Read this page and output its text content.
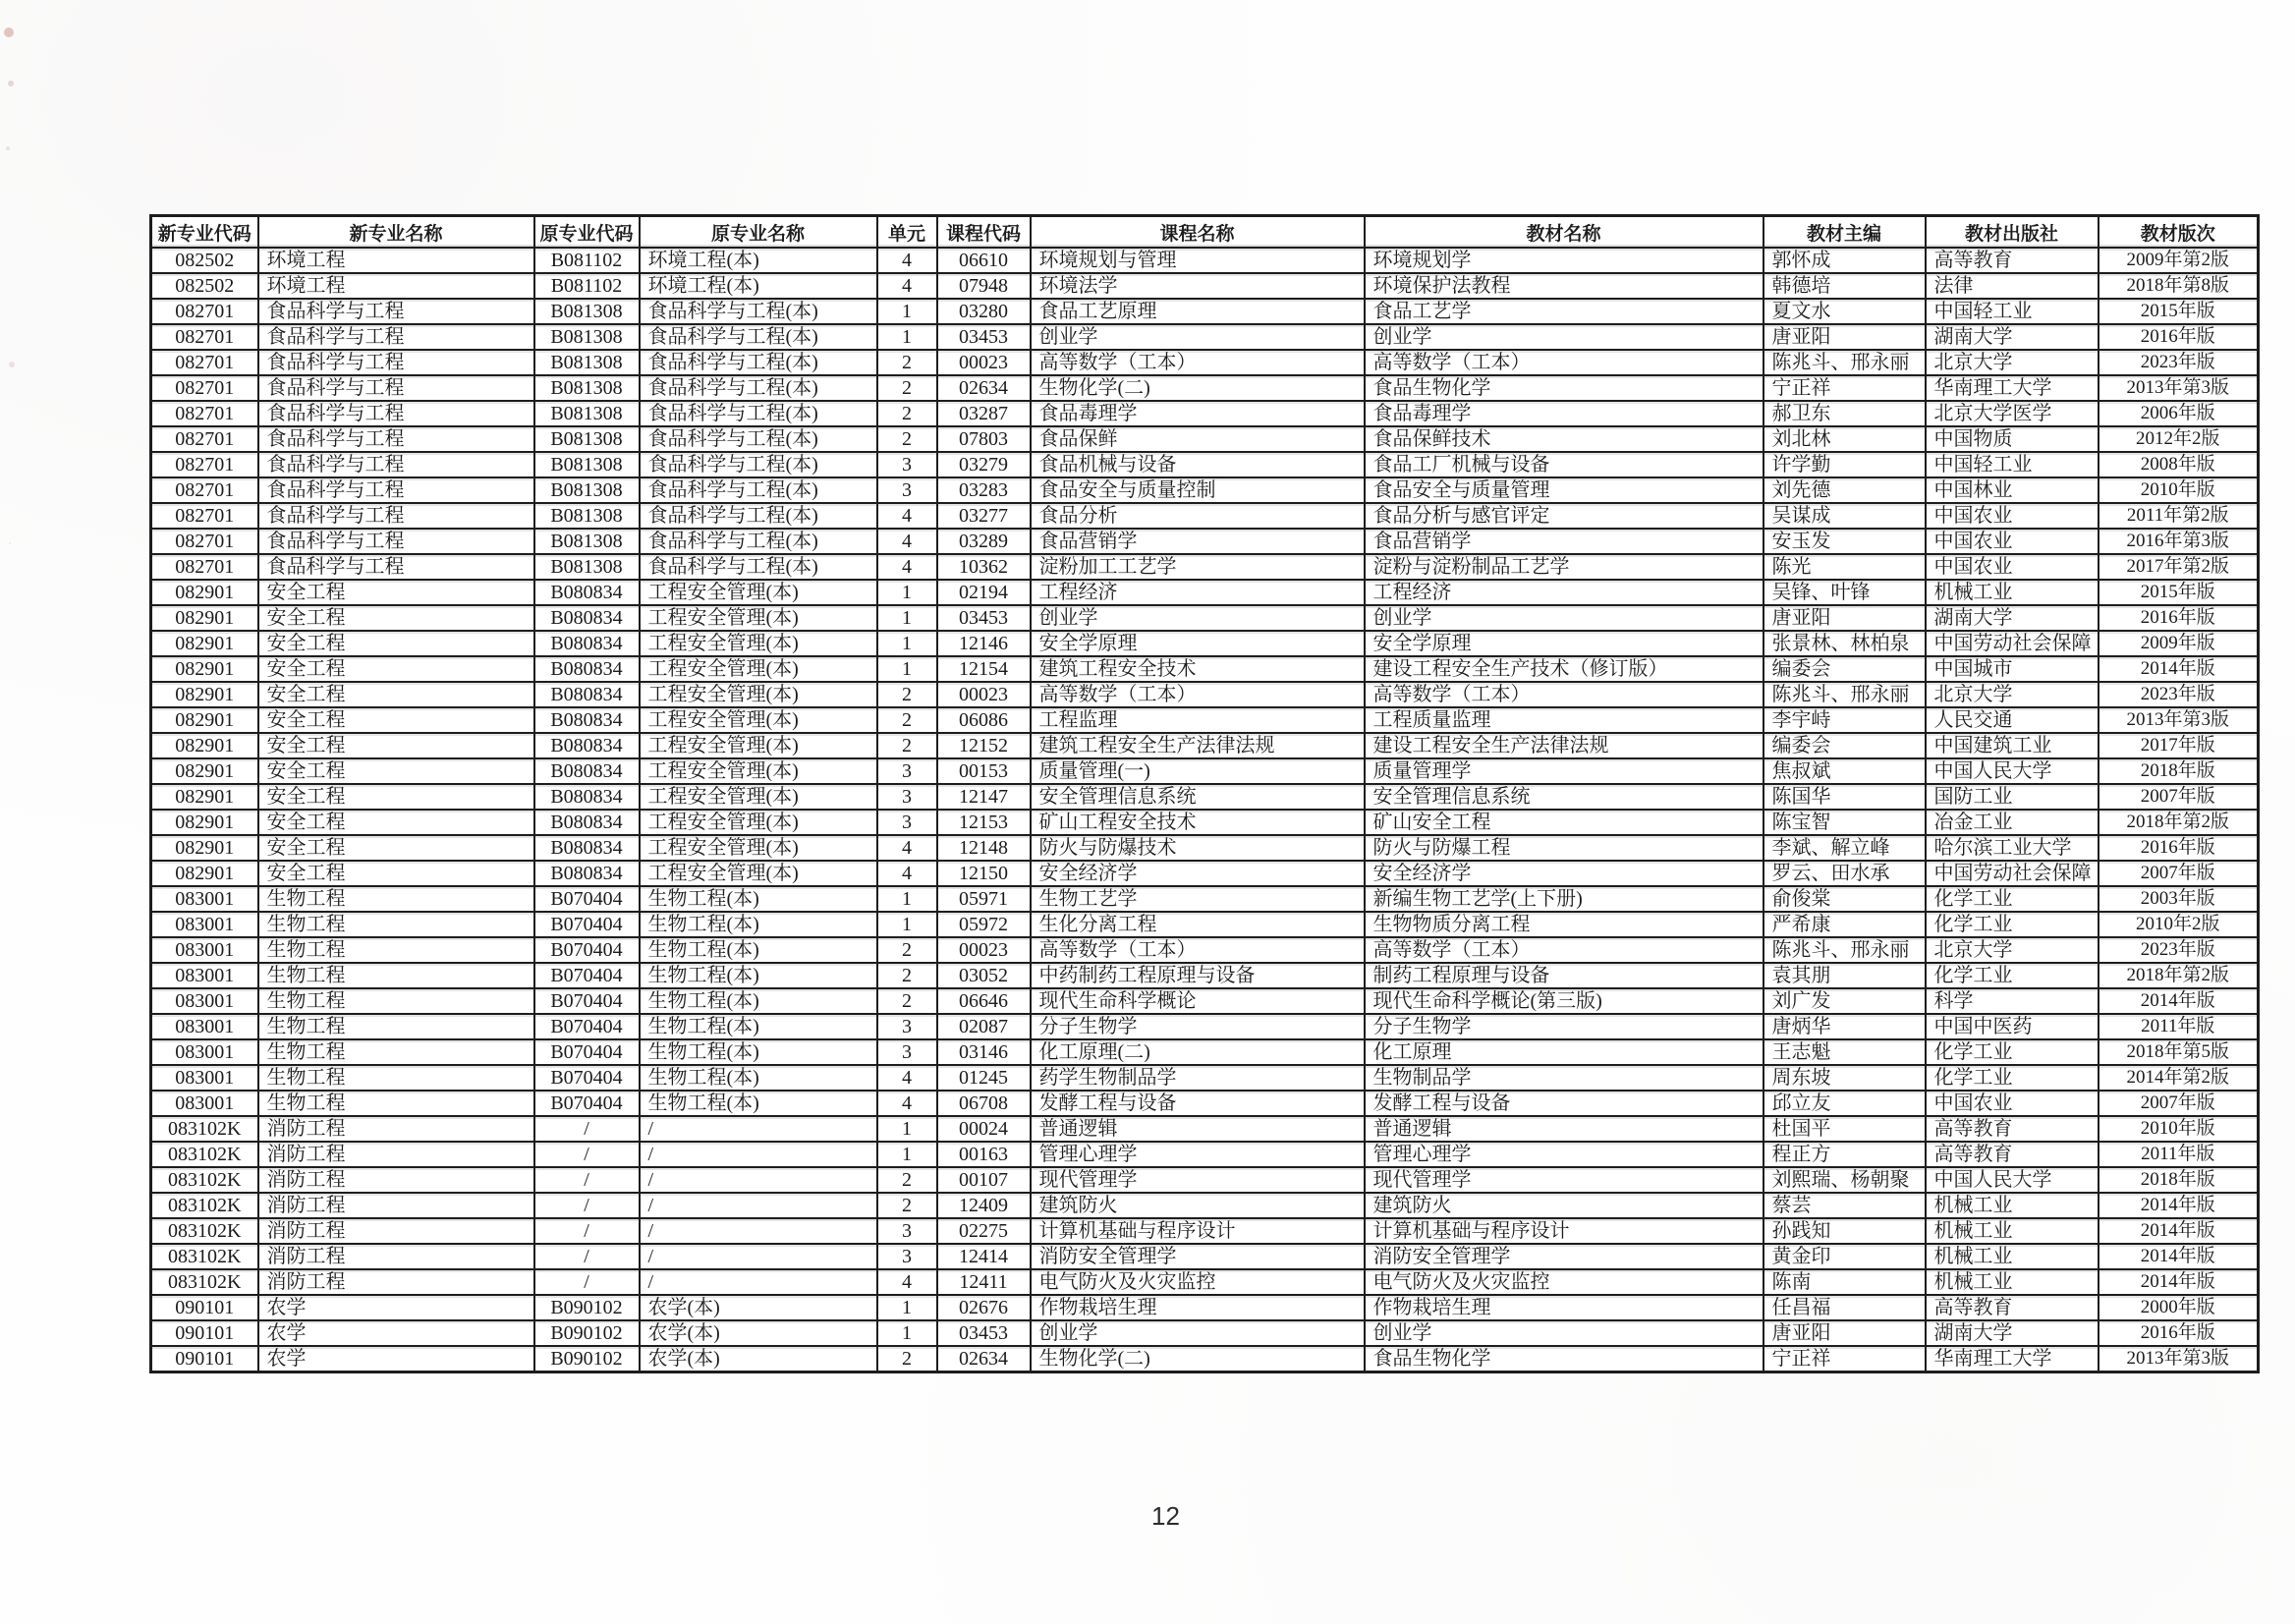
新专业代码	新专业名称	原专业代码	原专业名称	单元	课程代码	课程名称	教材名称	教材主编	教材出版社	教材版次
082502	环境工程	B081102	环境工程(本)	4	06610	环境规划与管理	环境规划学	郭怀成	高等教育	2009年第2版
082502	环境工程	B081102	环境工程(本)	4	07948	环境法学	环境保护法教程	韩德培	法律	2018年第8版
082701	食品科学与工程	B081308	食品科学与工程(本)	1	03280	食品工艺原理	食品工艺学	夏文水	中国轻工业	2015年版
082701	食品科学与工程	B081308	食品科学与工程(本)	1	03453	创业学	创业学	唐亚阳	湖南大学	2016年版
082701	食品科学与工程	B081308	食品科学与工程(本)	2	00023	高等数学（工本）	高等数学（工本）	陈兆斗、邢永丽	北京大学	2023年版
082701	食品科学与工程	B081308	食品科学与工程(本)	2	02634	生物化学(二)	食品生物化学	宁正祥	华南理工大学	2013年第3版
082701	食品科学与工程	B081308	食品科学与工程(本)	2	03287	食品毒理学	食品毒理学	郝卫东	北京大学医学	2006年版
082701	食品科学与工程	B081308	食品科学与工程(本)	2	07803	食品保鲜	食品保鲜技术	刘北林	中国物质	2012年2版
082701	食品科学与工程	B081308	食品科学与工程(本)	3	03279	食品机械与设备	食品工厂机械与设备	许学勤	中国轻工业	2008年版
082701	食品科学与工程	B081308	食品科学与工程(本)	3	03283	食品安全与质量控制	食品安全与质量管理	刘先德	中国林业	2010年版
082701	食品科学与工程	B081308	食品科学与工程(本)	4	03277	食品分析	食品分析与感官评定	吴谋成	中国农业	2011年第2版
082701	食品科学与工程	B081308	食品科学与工程(本)	4	03289	食品营销学	食品营销学	安玉发	中国农业	2016年第3版
082701	食品科学与工程	B081308	食品科学与工程(本)	4	10362	淀粉加工工艺学	淀粉与淀粉制品工艺学	陈光	中国农业	2017年第2版
082901	安全工程	B080834	工程安全管理(本)	1	02194	工程经济	工程经济	吴锋、叶锋	机械工业	2015年版
082901	安全工程	B080834	工程安全管理(本)	1	03453	创业学	创业学	唐亚阳	湖南大学	2016年版
082901	安全工程	B080834	工程安全管理(本)	1	12146	安全学原理	安全学原理	张景林、林柏泉	中国劳动社会保障	2009年版
082901	安全工程	B080834	工程安全管理(本)	1	12154	建筑工程安全技术	建设工程安全生产技术（修订版）	编委会	中国城市	2014年版
082901	安全工程	B080834	工程安全管理(本)	2	00023	高等数学（工本）	高等数学（工本）	陈兆斗、邢永丽	北京大学	2023年版
082901	安全工程	B080834	工程安全管理(本)	2	06086	工程监理	工程质量监理	李宇峙	人民交通	2013年第3版
082901	安全工程	B080834	工程安全管理(本)	2	12152	建筑工程安全生产法律法规	建设工程安全生产法律法规	编委会	中国建筑工业	2017年版
082901	安全工程	B080834	工程安全管理(本)	3	00153	质量管理(一)	质量管理学	焦叔斌	中国人民大学	2018年版
082901	安全工程	B080834	工程安全管理(本)	3	12147	安全管理信息系统	安全管理信息系统	陈国华	国防工业	2007年版
082901	安全工程	B080834	工程安全管理(本)	3	12153	矿山工程安全技术	矿山安全工程	陈宝智	冶金工业	2018年第2版
082901	安全工程	B080834	工程安全管理(本)	4	12148	防火与防爆技术	防火与防爆工程	李斌、解立峰	哈尔滨工业大学	2016年版
082901	安全工程	B080834	工程安全管理(本)	4	12150	安全经济学	安全经济学	罗云、田水承	中国劳动社会保障	2007年版
083001	生物工程	B070404	生物工程(本)	1	05971	生物工艺学	新编生物工艺学(上下册)	俞俊棠	化学工业	2003年版
083001	生物工程	B070404	生物工程(本)	1	05972	生化分离工程	生物物质分离工程	严希康	化学工业	2010年2版
083001	生物工程	B070404	生物工程(本)	2	00023	高等数学（工本）	高等数学（工本）	陈兆斗、邢永丽	北京大学	2023年版
083001	生物工程	B070404	生物工程(本)	2	03052	中药制药工程原理与设备	制药工程原理与设备	袁其朋	化学工业	2018年第2版
083001	生物工程	B070404	生物工程(本)	2	06646	现代生命科学概论	现代生命科学概论(第三版)	刘广发	科学	2014年版
083001	生物工程	B070404	生物工程(本)	3	02087	分子生物学	分子生物学	唐炳华	中国中医药	2011年版
083001	生物工程	B070404	生物工程(本)	3	03146	化工原理(二)	化工原理	王志魁	化学工业	2018年第5版
083001	生物工程	B070404	生物工程(本)	4	01245	药学生物制品学	生物制品学	周东坡	化学工业	2014年第2版
083001	生物工程	B070404	生物工程(本)	4	06708	发酵工程与设备	发酵工程与设备	邱立友	中国农业	2007年版
083102K	消防工程	/	/	1	00024	普通逻辑	普通逻辑	杜国平	高等教育	2010年版
083102K	消防工程	/	/	1	00163	管理心理学	管理心理学	程正方	高等教育	2011年版
083102K	消防工程	/	/	2	00107	现代管理学	现代管理学	刘熙瑞、杨朝聚	中国人民大学	2018年版
083102K	消防工程	/	/	2	12409	建筑防火	建筑防火	蔡芸	机械工业	2014年版
083102K	消防工程	/	/	3	02275	计算机基础与程序设计	计算机基础与程序设计	孙践知	机械工业	2014年版
083102K	消防工程	/	/	3	12414	消防安全管理学	消防安全管理学	黄金印	机械工业	2014年版
083102K	消防工程	/	/	4	12411	电气防火及火灾监控	电气防火及火灾监控	陈南	机械工业	2014年版
090101	农学	B090102	农学(本)	1	02676	作物栽培生理	作物栽培生理	任昌福	高等教育	2000年版
090101	农学	B090102	农学(本)	1	03453	创业学	创业学	唐亚阳	湖南大学	2016年版
090101	农学	B090102	农学(本)	2	02634	生物化学(二)	食品生物化学	宁正祥	华南理工大学	2013年第3版
12
